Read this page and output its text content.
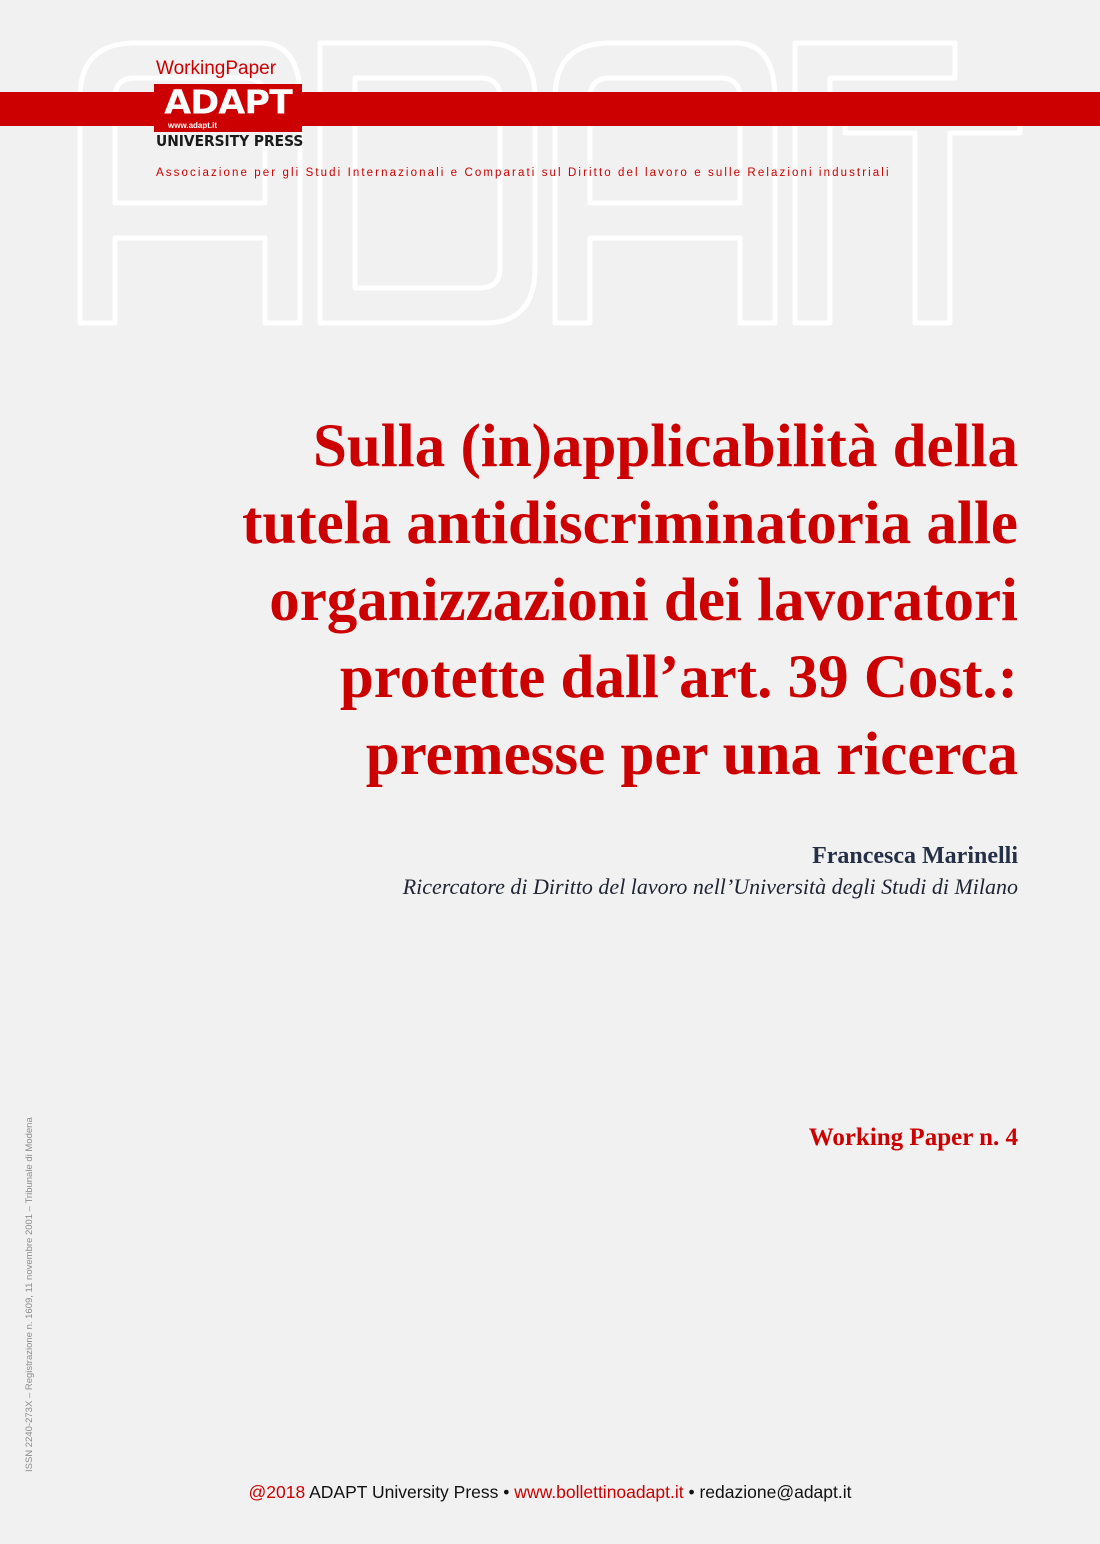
WorkingPaper
ADAPT
www.adapt.it
UNIVERSITY PRESS
Associazione per gli Studi Internazionali e Comparati sul Diritto del lavoro e sulle Relazioni industriali
Sulla (in)applicabilità della
tutela antidiscriminatoria alle
organizzazioni dei lavoratori
protette dall’art. 39 Cost.:
premesse per una ricerca
Francesca Marinelli
Ricercatore di Diritto del lavoro nell’Università degli Studi di Milano
Working Paper n. 4
ISSN 2240-273X – Registrazione n. 1609, 11 novembre 2001 – Tribunale di Modena
@2018 ADAPT University Press • www.bollettinoadapt.it • redazione@adapt.it
